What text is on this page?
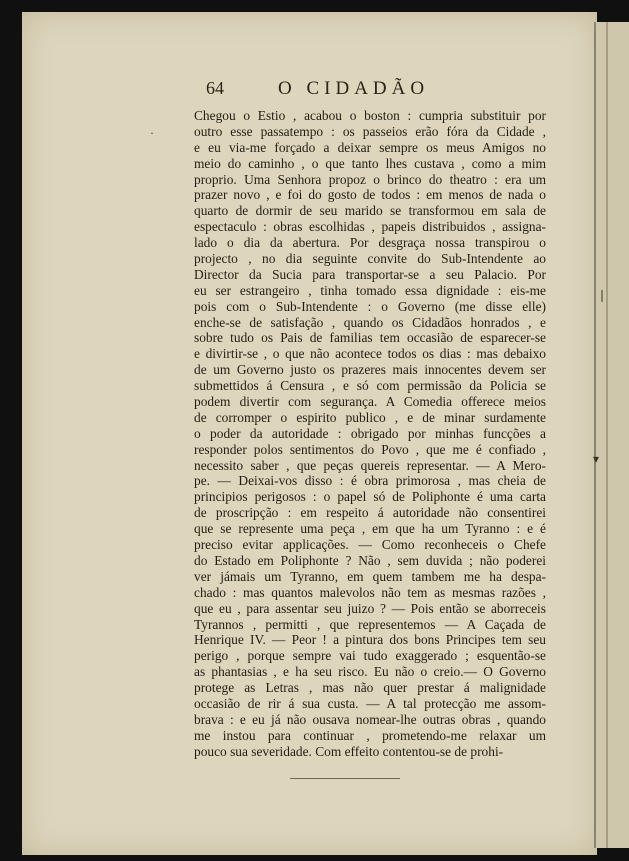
64	O CIDADÃO
Chegou o Estio , acabou o boston : cumpria substituir por
outro esse passatempo : os passeios erão fóra da Cidade ,
e eu via-me forçado a deixar sempre os meus Amigos no
meio do caminho , o que tanto lhes custava , como a mim
proprio. Uma Senhora propoz o brinco do theatro : era um
prazer novo , e foi do gosto de todos : em menos de nada o
quarto de dormir de seu marido se transformou em sala de
espectaculo : obras escolhidas , papeis distribuidos , assigna-
lado o dia da abertura. Por desgraça nossa transpirou o
projecto , no dia seguinte convite do Sub-Intendente ao
Director da Sucia para transportar-se a seu Palacio. Por
eu ser estrangeiro , tinha tomado essa dignidade : eis-me
pois com o Sub-Intendente : o Governo (me disse elle)
enche-se de satisfação , quando os Cidadãos honrados , e
sobre tudo os Pais de familias tem occasião de esparecer-se
e divirtir-se , o que não acontece todos os dias : mas debaixo
de um Governo justo os prazeres mais innocentes devem ser
submettidos á Censura , e só com permissão da Policia se
podem divertir com segurança. A Comedia offerece meios
de corromper o espirito publico , e de minar surdamente
o poder da autoridade : obrigado por minhas funcções a
responder polos sentimentos do Povo , que me é confiado ,
necessito saber , que peças quereis representar. — A Mero-
pe. — Deixai-vos disso : é obra primorosa , mas cheia de
principios perigosos : o papel só de Poliphonte é uma carta
de proscripção : em respeito á autoridade não consentirei
que se represente uma peça , em que ha um Tyranno : e é
preciso evitar applicações. — Como reconheceis o Chefe
do Estado em Poliphonte ? Não , sem duvida ; não poderei
ver jámais um Tyranno, em quem tambem me ha despa-
chado : mas quantos malevolos não tem as mesmas razões ,
que eu , para assentar seu juizo ? — Pois então se aborreceis
Tyrannos , permitti , que representemos — A Caçada de
Henrique IV. — Peor ! a pintura dos bons Principes tem seu
perigo , porque sempre vai tudo exaggerado ; esquentão-se
as phantasias , e ha seu risco. Eu não o creio.— O Governo
protege as Letras , mas não quer prestar á malignidade
occasião de rir á sua custa. — A tal protecção me assom-
brava : e eu já não ousava nomear-lhe outras obras , quando
me instou para continuar , prometendo-me relaxar um
pouco sua severidade. Com effeito contentou-se de prohi-
❘
▾
·
